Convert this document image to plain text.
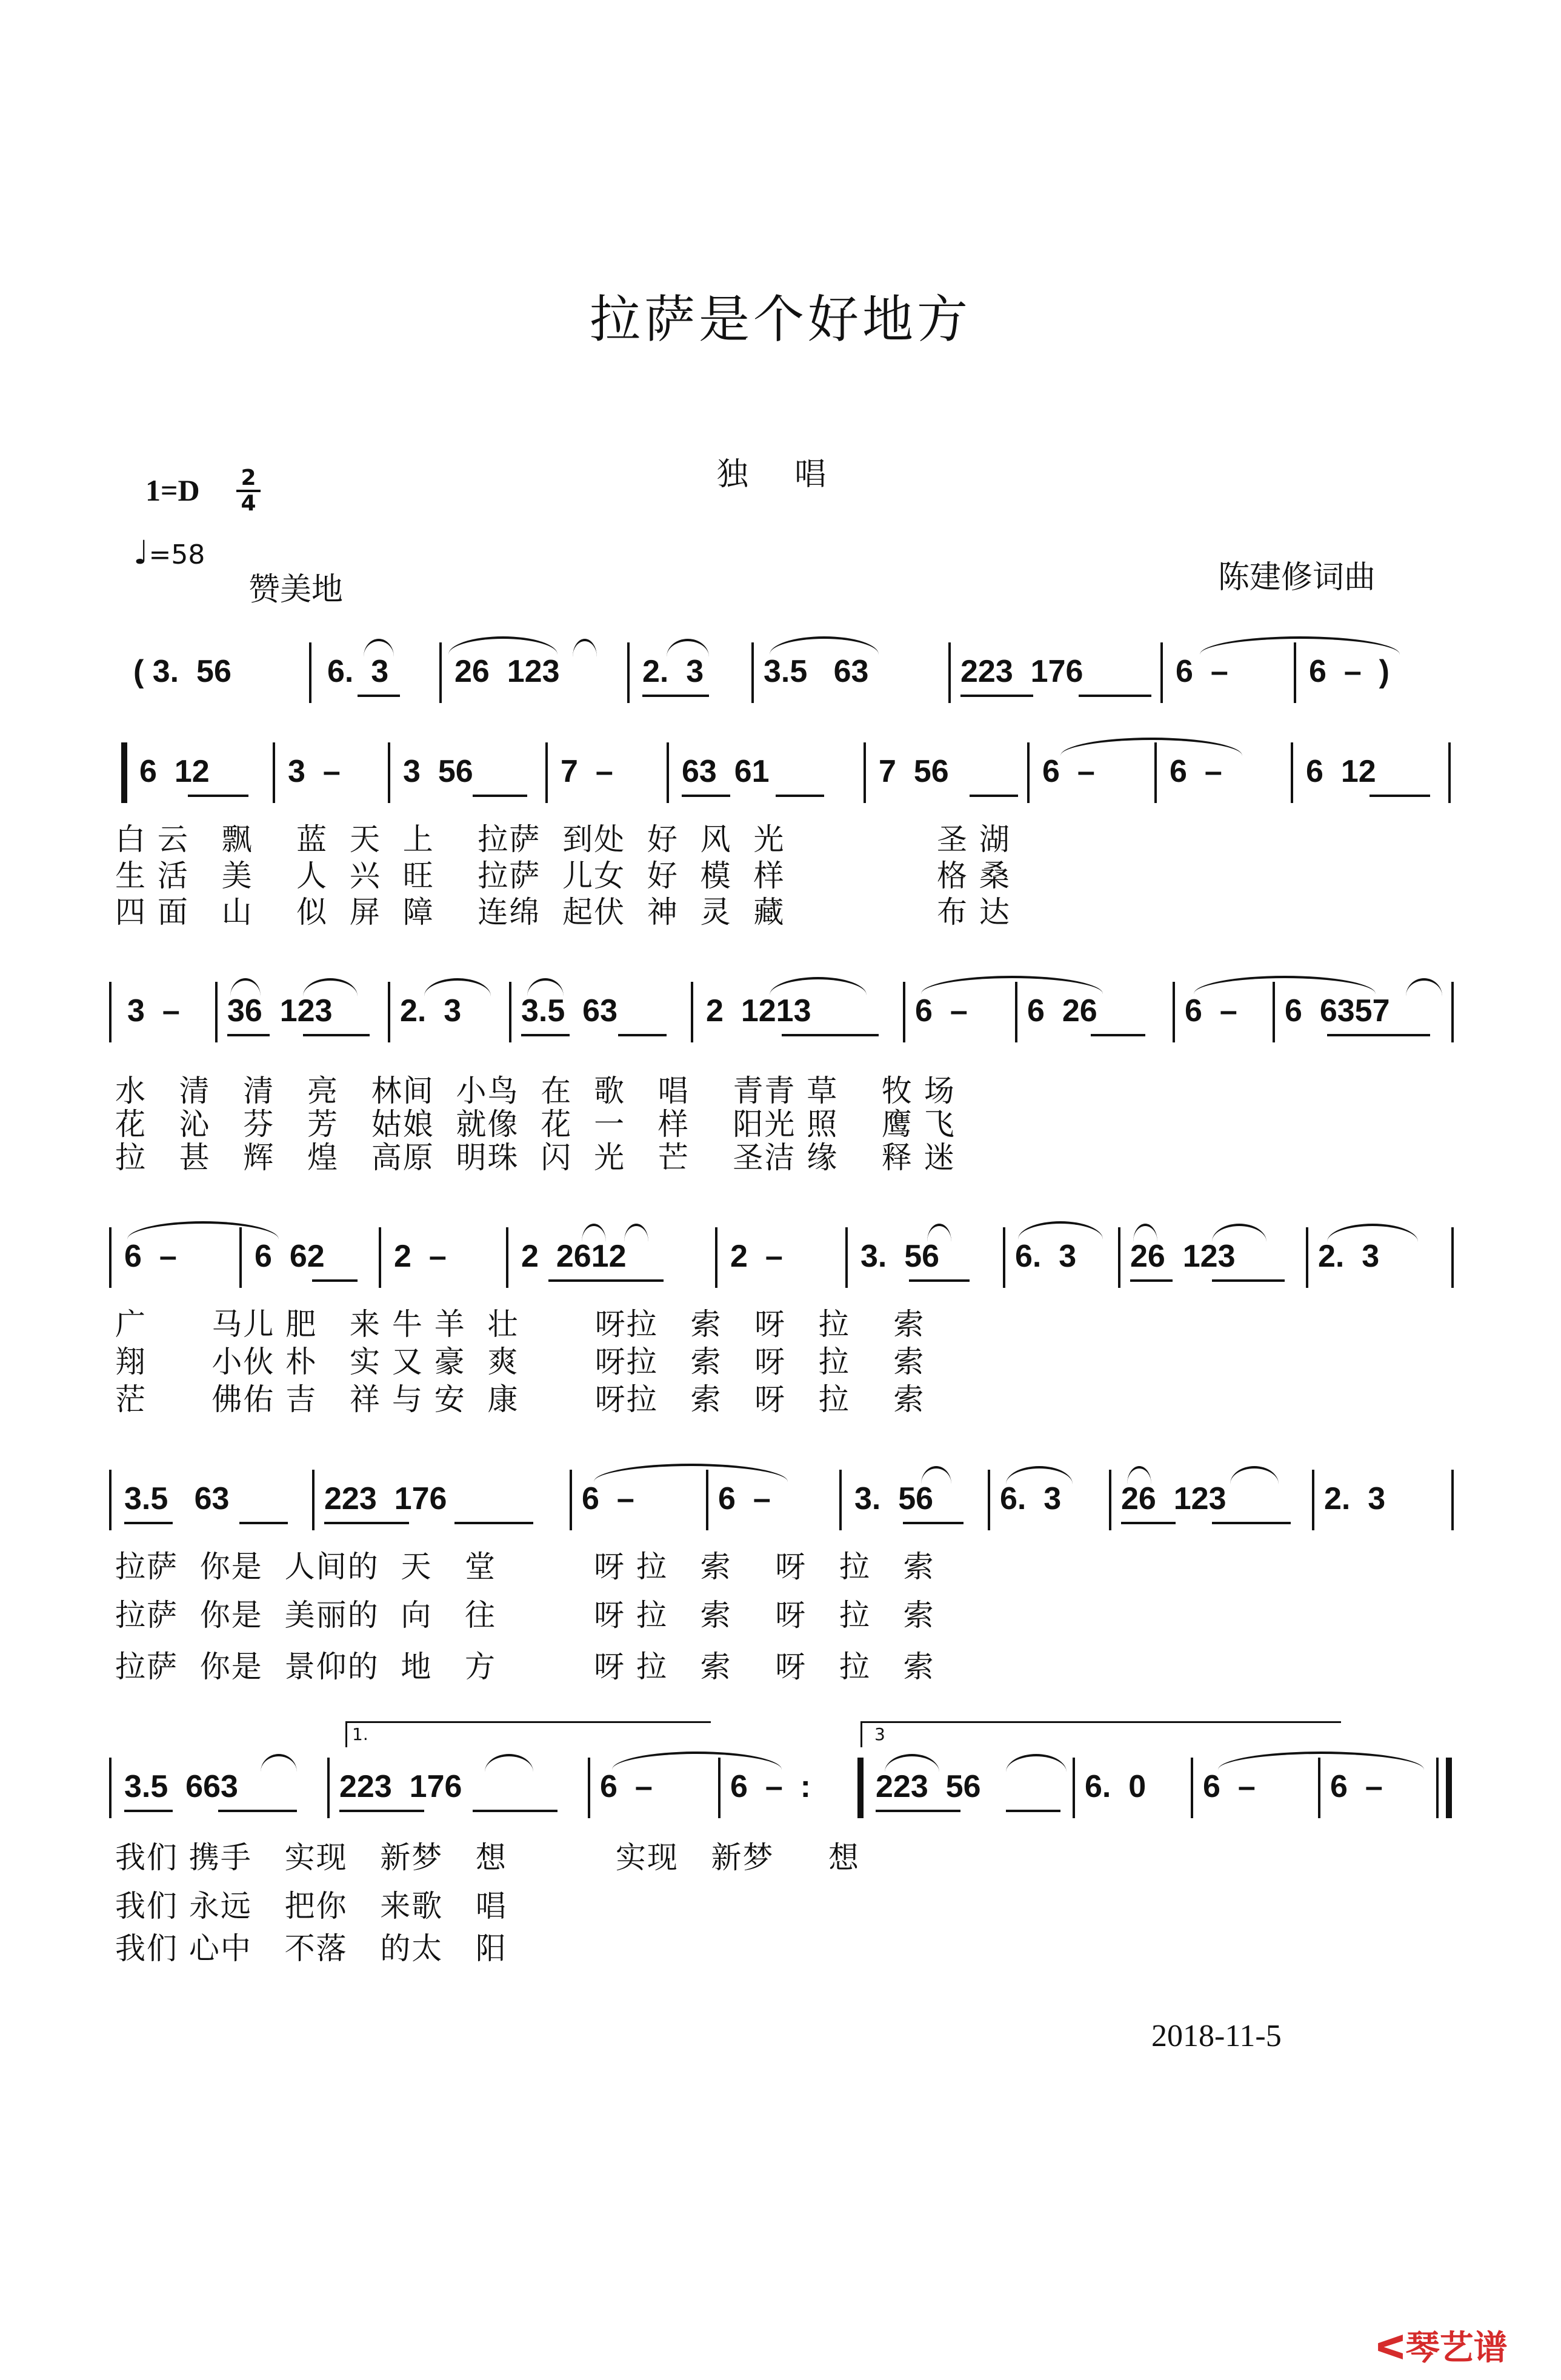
拉萨是个好地方
独 唱
1=D 2
4
♩=58
赞美地	陈建修词曲
( 3.  56	6.  3 26  123	2.  3 3.5   63	223  176	6  –	6  –  )
6  12 3  – 3  56	7  – 63  61	7  56	6  – 6  –	6  12
白 云   飘    蓝  天  上    拉萨  到处  好  风  光              圣 湖
生 活   美    人  兴  旺    拉萨  儿女  好  模  样              格 桑
四 面   山    似  屏  障    连绵  起伏  神  灵  藏              布 达
3  – 36  123 2.  3 3.5  63	2  1213	6  – 6  26	6  – 6  6357
水   清   清   亮   林间  小鸟  在  歌   唱    青青 草    牧 场
花   沁   芬   芳   姑娘  就像  花  一   样    阳光 照    鹰 飞
拉   甚   辉   煌   高原  明珠  闪  光   芒    圣洁 缘    释 迷
6  – 6  62 2  – 2  2612	2  – 3.  56 6.  3 26  123	2.  3
广      马儿 肥   来 牛 羊  壮       呀拉   索   呀   拉    索
翔      小伙 朴   实 又 豪  爽       呀拉   索   呀   拉    索
茫      佛佑 吉   祥 与 安  康       呀拉   索   呀   拉    索
3.5   63	223  176	6  –	6  –	3.  56 6.  3 26  123	2.  3
拉萨  你是  人间的  天   堂         呀 拉   索    呀   拉   索
拉萨  你是  美丽的  向   往         呀 拉   索    呀   拉   索
拉萨  你是  景仰的  地   方         呀 拉   索    呀   拉   索
1.	3
3.5  663	223  176	6  – 6  –  : 223  56	6.  0 6  – 6  –
我们 携手   实现   新梦   想          实现   新梦     想
我们 永远   把你   来歌   唱
我们 心中   不落   的太   阳
2018-11-5
ᐸ琴艺谱
